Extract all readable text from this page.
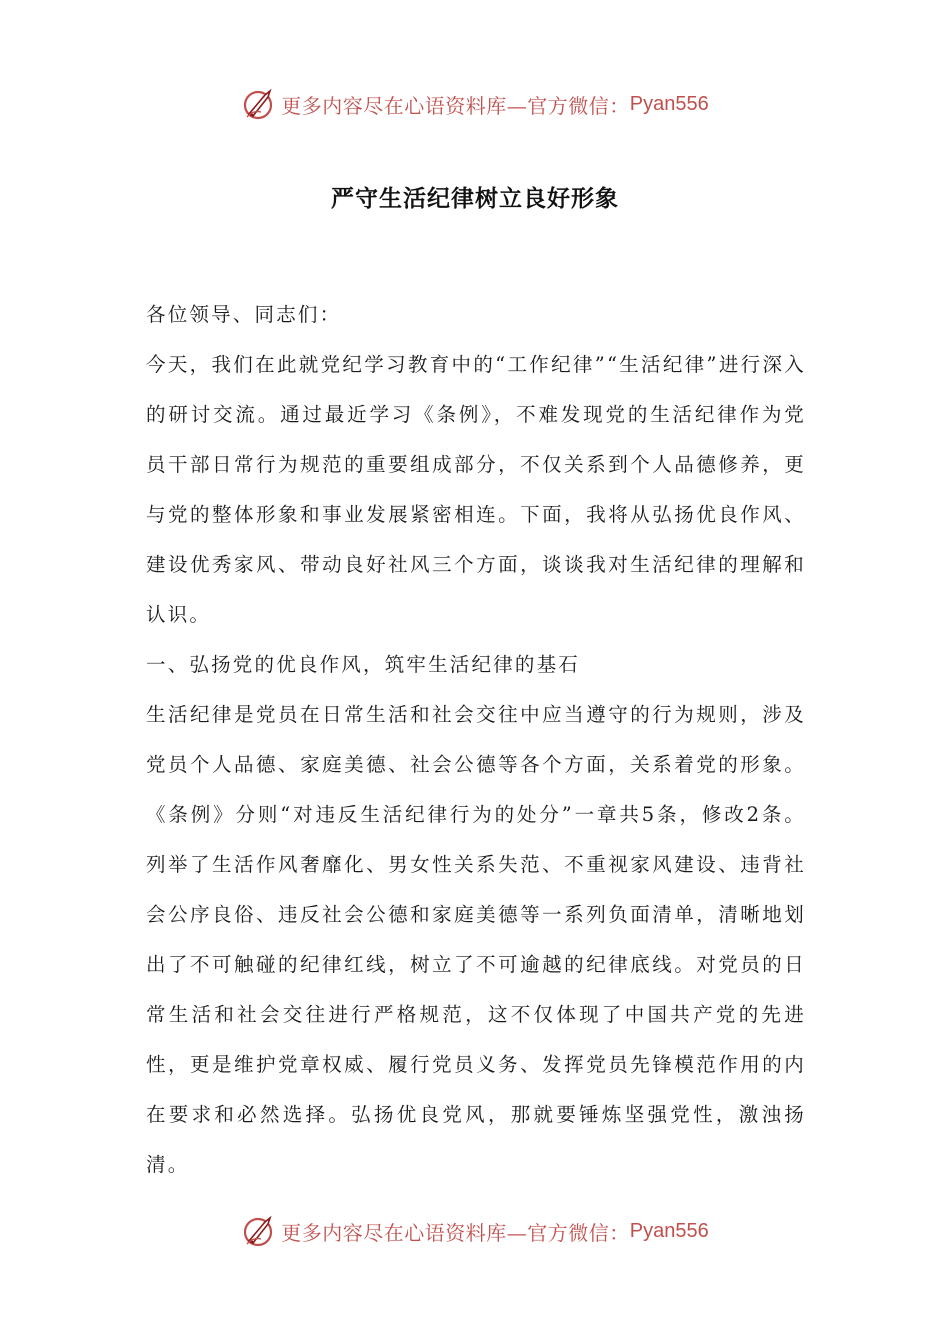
更多内容尽在心语资料库—官方微信： Pyan556
严守生活纪律树立良好形象

各位领导、同志们：

今天，我们在此就党纪学习教育中的“工作纪律”“生活纪律”进行深入的研讨交流。通过最近学习《条例》，不难发现党的生活纪律作为党员干部日常行为规范的重要组成部分，不仅关系到个人品德修养，更与党的整体形象和事业发展紧密相连。下面，我将从弘扬优良作风、建设优秀家风、带动良好社风三个方面，谈谈我对生活纪律的理解和认识。

一、弘扬党的优良作风，筑牢生活纪律的基石

生活纪律是党员在日常生活和社会交往中应当遵守的行为规则，涉及党员个人品德、家庭美德、社会公德等各个方面，关系着党的形象。《条例》分则“对违反生活纪律行为的处分”一章共5条，修改2条。列举了生活作风奢靡化、男女性关系失范、不重视家风建设、违背社会公序良俗、违反社会公德和家庭美德等一系列负面清单，清晰地划出了不可触碰的纪律红线，树立了不可逾越的纪律底线。对党员的日常生活和社会交往进行严格规范，这不仅体现了中国共产党的先进性，更是维护党章权威、履行党员义务、发挥党员先锋模范作用的内在要求和必然选择。弘扬优良党风，那就要锤炼坚强党性，激浊扬清。

更多内容尽在心语资料库—官方微信： Pyan556
